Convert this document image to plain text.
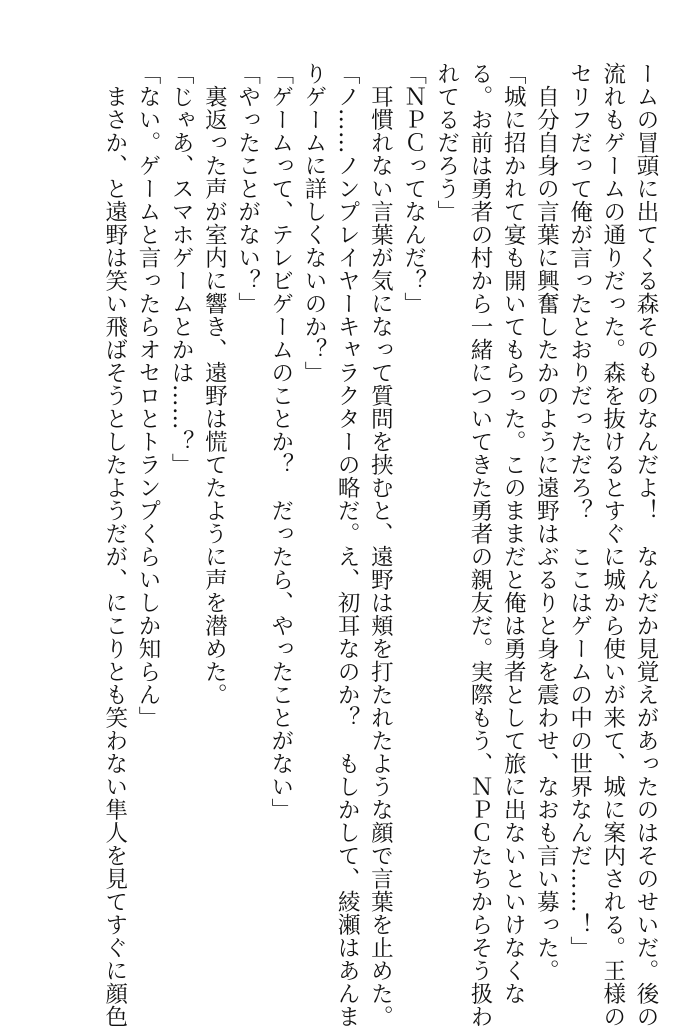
ームの冒頭に出てくる森そのものなんだよ！　なんだか見覚えがあったのはそのせいだ。後の

流れもゲームの通りだった。森を抜けるとすぐに城から使いが来て、城に案内される。王様の

セリフだって俺が言ったとおりだっただろ？　ここはゲームの中の世界なんだ……！」

　自分自身の言葉に興奮したかのように遠野はぶるりと身を震わせ、なおも言い募った。

「城に招かれて宴も開いてもらった。このままだと俺は勇者として旅に出ないといけなくな

る。お前は勇者の村から一緒についてきた勇者の親友だ。実際もう、ＮＰＣたちからそう扱わ

れてるだろう」

「ＮＰＣってなんだ？」

　耳慣れない言葉が気になって質問を挟むと、遠野は頬を打たれたような顔で言葉を止めた。

「ノ……ノンプレイヤーキャラクターの略だ。え、初耳なのか？　もしかして、綾瀬はあんま

りゲームに詳しくないのか？」

「ゲームって、テレビゲームのことか？　だったら、やったことがない」

「やったことがない？」

　裏返った声が室内に響き、遠野は慌てたように声を潜めた。

「じゃあ、スマホゲームとかは……？」

「ない。ゲームと言ったらオセロとトランプくらいしか知らん」

　まさか、と遠野は笑い飛ばそうとしたようだが、にこりとも笑わない隼人を見てすぐに顔色
